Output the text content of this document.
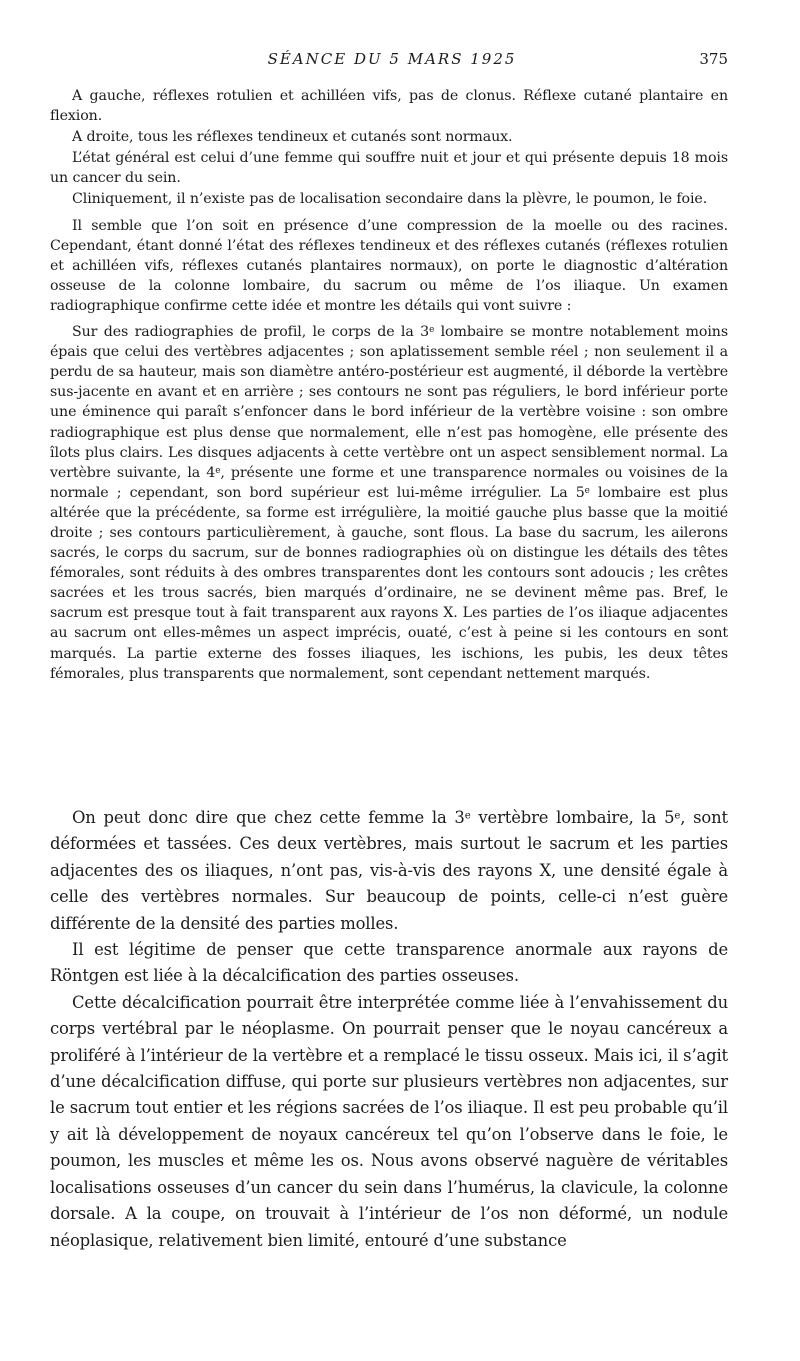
SÉANCE DU 5 MARS 1925	375

A gauche, réflexes rotulien et achilléen vifs, pas de clonus. Réflexe cutané plantaire en flexion.

A droite, tous les réflexes tendineux et cutanés sont normaux.

L’état général est celui d’une femme qui souffre nuit et jour et qui présente depuis 18 mois un cancer du sein.

Cliniquement, il n’existe pas de localisation secondaire dans la plèvre, le poumon, le foie.

Il semble que l’on soit en présence d’une compression de la moelle ou des racines. Cependant, étant donné l’état des réflexes tendineux et des réflexes cutanés (réflexes rotulien et achilléen vifs, réflexes cutanés plantaires normaux), on porte le diagnostic d’altération osseuse de la colonne lombaire, du sacrum ou même de l’os iliaque. Un examen radiographique confirme cette idée et montre les détails qui vont suivre :

Sur des radiographies de profil, le corps de la 3e lombaire se montre notablement moins épais que celui des vertèbres adjacentes ; son aplatissement semble réel ; non seulement il a perdu de sa hauteur, mais son diamètre antéro-postérieur est augmenté, il déborde la vertèbre sus-jacente en avant et en arrière ; ses contours ne sont pas réguliers, le bord inférieur porte une éminence qui paraît s’enfoncer dans le bord inférieur de la vertèbre voisine : son ombre radiographique est plus dense que normalement, elle n’est pas homogène, elle présente des îlots plus clairs. Les disques adjacents à cette vertèbre ont un aspect sensiblement normal. La vertèbre suivante, la 4e, présente une forme et une transparence normales ou voisines de la normale ; cependant, son bord supérieur est lui-même irrégulier. La 5e lombaire est plus altérée que la précédente, sa forme est irrégulière, la moitié gauche plus basse que la moitié droite ; ses contours particulièrement, à gauche, sont flous. La base du sacrum, les ailerons sacrés, le corps du sacrum, sur de bonnes radiographies où on distingue les détails des têtes fémorales, sont réduits à des ombres transparentes dont les contours sont adoucis ; les crêtes sacrées et les trous sacrés, bien marqués d’ordinaire, ne se devinent même pas. Bref, le sacrum est presque tout à fait transparent aux rayons X. Les parties de l’os iliaque adjacentes au sacrum ont elles-mêmes un aspect imprécis, ouaté, c’est à peine si les contours en sont marqués. La partie externe des fosses iliaques, les ischions, les pubis, les deux têtes fémorales, plus transparents que normalement, sont cependant nettement marqués.

On peut donc dire que chez cette femme la 3e vertèbre lombaire, la 5e, sont déformées et tassées. Ces deux vertèbres, mais surtout le sacrum et les parties adjacentes des os iliaques, n’ont pas, vis-à-vis des rayons X, une densité égale à celle des vertèbres normales. Sur beaucoup de points, celle-ci n’est guère différente de la densité des parties molles.

Il est légitime de penser que cette transparence anormale aux rayons de Röntgen est liée à la décalcification des parties osseuses.

Cette décalcification pourrait être interprétée comme liée à l’envahissement du corps vertébral par le néoplasme. On pourrait penser que le noyau cancéreux a proliféré à l’intérieur de la vertèbre et a remplacé le tissu osseux. Mais ici, il s’agit d’une décalcification diffuse, qui porte sur plusieurs vertèbres non adjacentes, sur le sacrum tout entier et les régions sacrées de l’os iliaque. Il est peu probable qu’il y ait là développement de noyaux cancéreux tel qu’on l’observe dans le foie, le poumon, les muscles et même les os. Nous avons observé naguère de véritables localisations osseuses d’un cancer du sein dans l’humérus, la clavicule, la colonne dorsale. A la coupe, on trouvait à l’intérieur de l’os non déformé, un nodule néoplasique, relativement bien limité, entouré d’une substance
